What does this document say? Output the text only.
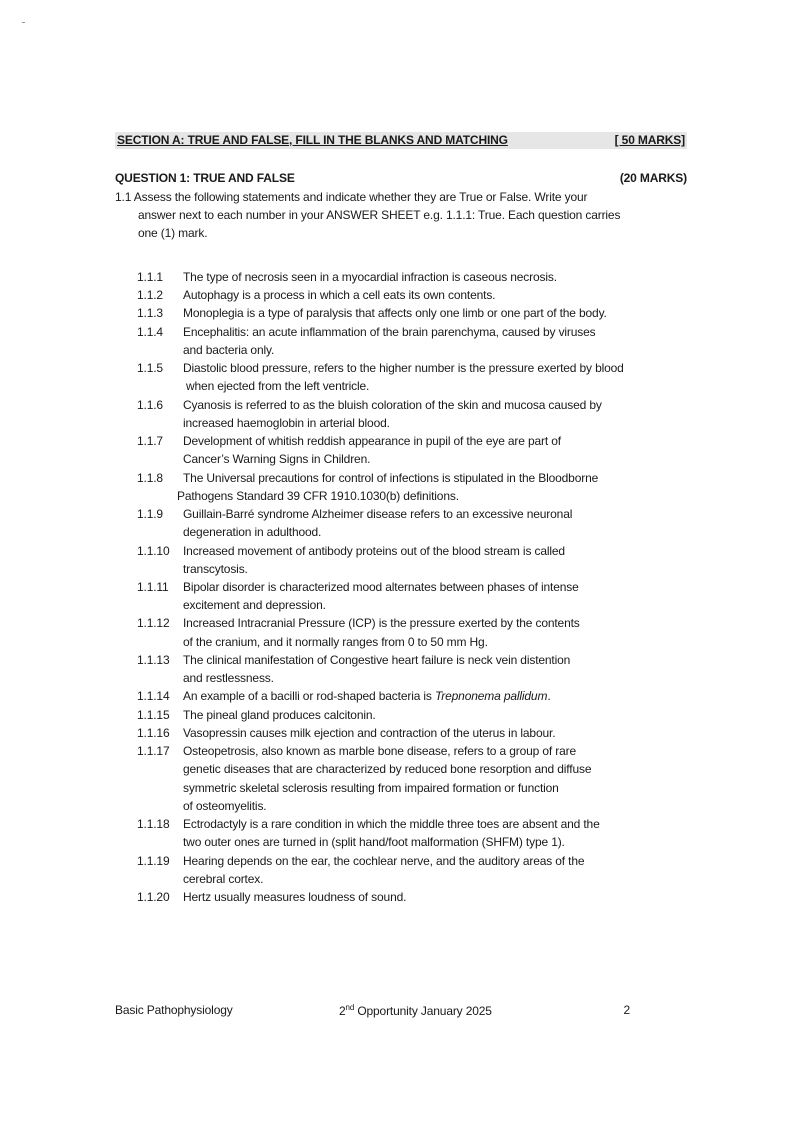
SECTION A: TRUE AND FALSE, FILL IN THE BLANKS AND MATCHING	[ 50 MARKS]
QUESTION 1: TRUE AND FALSE	(20 MARKS)
1.1 Assess the following statements and indicate whether they are True or False. Write your
answer next to each number in your ANSWER SHEET e.g. 1.1.1: True. Each question carries
one (1) mark.
1.1.1 The type of necrosis seen in a myocardial infraction is caseous necrosis.
1.1.2 Autophagy is a process in which a cell eats its own contents.
1.1.3 Monoplegia is a type of paralysis that affects only one limb or one part of the body.
1.1.4 Encephalitis: an acute inflammation of the brain parenchyma, caused by viruses
and bacteria only.
1.1.5 Diastolic blood pressure, refers to the higher number is the pressure exerted by blood
when ejected from the left ventricle.
1.1.6 Cyanosis is referred to as the bluish coloration of the skin and mucosa caused by
increased haemoglobin in arterial blood.
1.1.7 Development of whitish reddish appearance in pupil of the eye are part of
Cancer’s Warning Signs in Children.
1.1.8 The Universal precautions for control of infections is stipulated in the Bloodborne
Pathogens Standard 39 CFR 1910.1030(b) definitions.
1.1.9 Guillain-Barré syndrome Alzheimer disease refers to an excessive neuronal
degeneration in adulthood.
1.1.10 Increased movement of antibody proteins out of the blood stream is called
transcytosis.
1.1.11 Bipolar disorder is characterized mood alternates between phases of intense
excitement and depression.
1.1.12 Increased Intracranial Pressure (ICP) is the pressure exerted by the contents
of the cranium, and it normally ranges from 0 to 50 mm Hg.
1.1.13 The clinical manifestation of Congestive heart failure is neck vein distention
and restlessness.
1.1.14 An example of a bacilli or rod-shaped bacteria is Trepnonema pallidum.
1.1.15 The pineal gland produces calcitonin.
1.1.16 Vasopressin causes milk ejection and contraction of the uterus in labour.
1.1.17 Osteopetrosis, also known as marble bone disease, refers to a group of rare
genetic diseases that are characterized by reduced bone resorption and diffuse
symmetric skeletal sclerosis resulting from impaired formation or function
of osteomyelitis.
1.1.18 Ectrodactyly is a rare condition in which the middle three toes are absent and the
two outer ones are turned in (split hand/foot malformation (SHFM) type 1).
1.1.19 Hearing depends on the ear, the cochlear nerve, and the auditory areas of the
cerebral cortex.
1.1.20 Hertz usually measures loudness of sound.
Basic Pathophysiology	2nd Opportunity January 2025	2
